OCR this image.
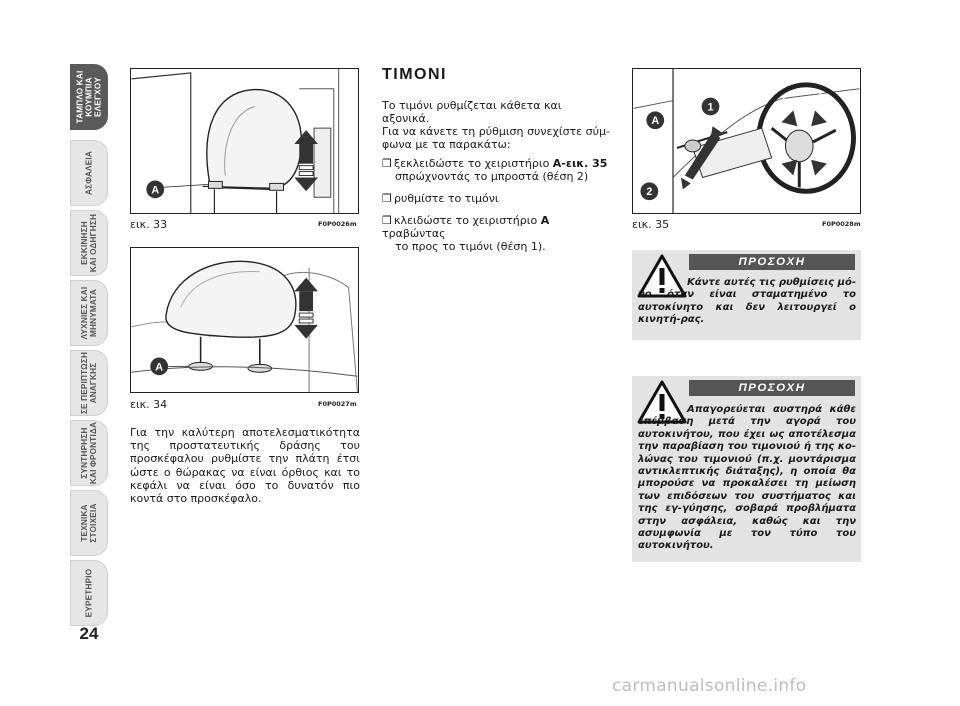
ΤΑΜΠΛΟ ΚΑΙ
ΚΟΥΜΠΙΑ
ΕΛΕΓΧΟΥ
ΑΣΦΑΛΕΙΑ
ΕΚΚΙΝΗΣΗ
ΚΑΙ ΟΔΗΓΗΣΗ
ΛΥΧΝΙΕΣ ΚΑΙ
ΜΗΝΥΜΑΤΑ
ΣΕ ΠΕΡΙΠΤΩΣΗ
ΑΝΑΓΚΗΣ
ΣΥΝΤΗΡΗΣΗ
ΚΑΙ ΦΡΟΝΤΙΔΑ
ΤΕΧΝΙΚΑ
ΣΤΟΙΧΕΙΑ
ΕΥΡΕΤΗΡΙΟ
24
A
εικ. 33	F0P0026m
A
εικ. 34	F0P0027m
Για την καλύτερη αποτελεσματικότητα της προστατευτικής δράσης του προσκέφαλου ρυθμίστε την πλάτη έτσι ώστε ο θώρακας να είναι όρθιος και το κεφάλι να είναι όσο το δυνατόν πιο κοντά στο προσκέφαλο.
ΤΙΜΟΝΙ
Το τιμόνι ρυθμίζεται κάθετα και αξονικά.
Για να κάνετε τη ρύθμιση συνεχίστε σύμ-φωνα με τα παρακάτω:
❒ ξεκλειδώστε το χειριστήριο A-εικ. 35
σπρώχνοντάς το μπροστά (θέση 2)
❒ ρυθμίστε το τιμόνι
❒ κλειδώστε το χειριστήριο A τραβώντας
το προς το τιμόνι (θέση 1).
1
A
2
εικ. 35	F0P0028m
ΠΡΟΣΟΧΗ
Κάντε αυτές τις ρυθμίσεις μό-νο όταν είναι σταματημένο το αυτοκίνητο και δεν λειτουργεί ο κινητή-ρας.
ΠΡΟΣΟΧΗ
Απαγορεύεται αυστηρά κάθε επέμβαση μετά την αγορά του αυτοκινήτου, που έχει ως αποτέλεσμα την παραβίαση του τιμονιού ή της κο-λώνας του τιμονιού (π.χ. μοντάρισμα αντικλεπτικής διάταξης), η οποία θα μπορούσε να προκαλέσει τη μείωση των επιδόσεων του συστήματος και της εγ-γύησης, σοβαρά προβλήματα στην ασφάλεια, καθώς και την ασυμφωνία με τον τύπο του αυτοκινήτου.
carmanualsonline.info
